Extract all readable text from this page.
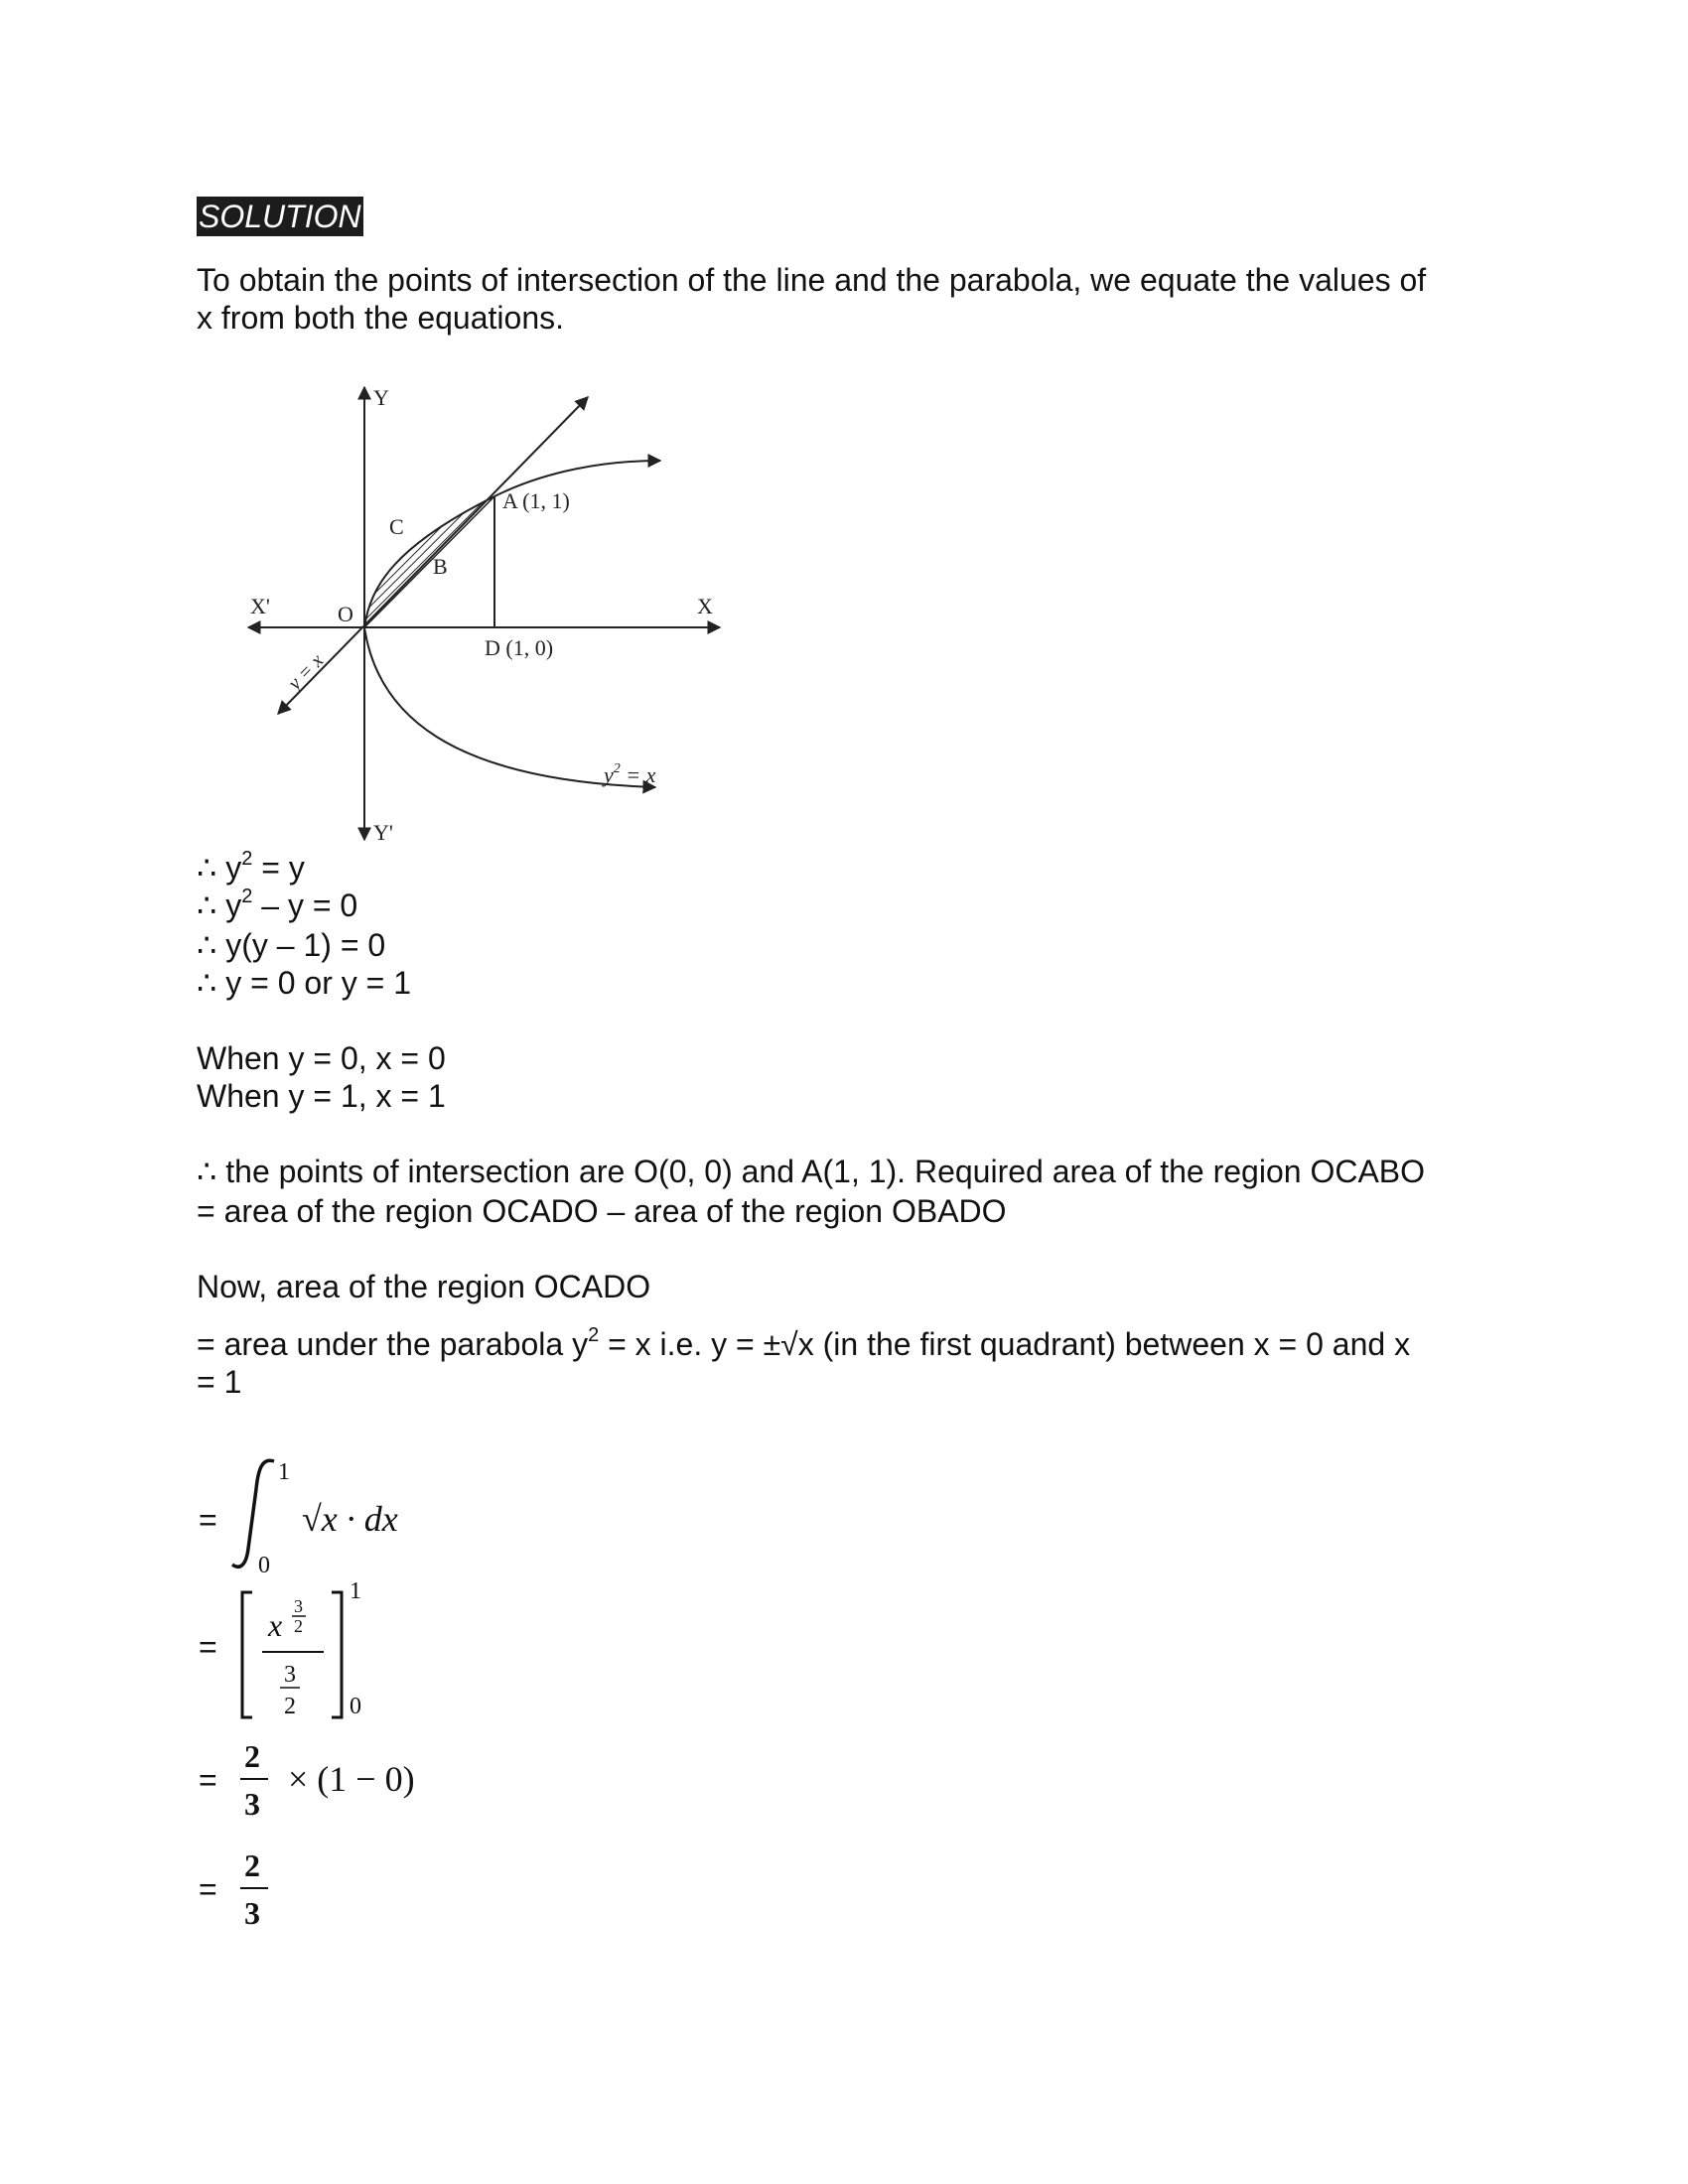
SOLUTION
To obtain the points of intersection of the line and the parabola, we equate the values of
x from both the equations.
Y
Y'
X
X'	O
C
B
A (1, 1)
D (1, 0)
y = x
$y^2 = x$
∴ $y^2 = y$
∴ $y^2 - y = 0$
∴ y(y – 1) = 0
∴ y = 0 or y = 1
When y = 0, x = 0
When y = 1, x = 1
∴ the points of intersection are O(0, 0) and A(1, 1). Required area of the region OCABO
= area of the region OCADO – area of the region OBADO
Now, area of the region OCADO
= area under the parabola $y^2 = x$ i.e. y = ±√x (in the first quadrant) between x = 0 and x
= 1
=
1
0
√x · dx
=
x
3
2
3
2
1
0
=
2
3
× (1 − 0)
=
2
3
